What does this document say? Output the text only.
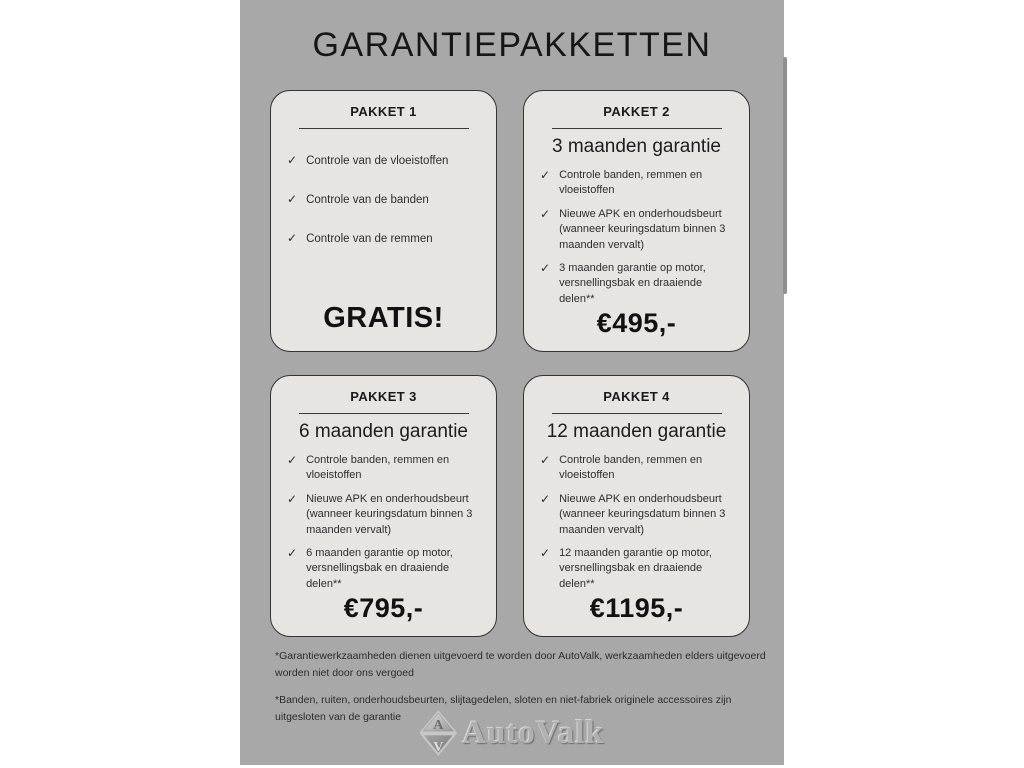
GARANTIEPAKKETTEN
PAKKET 1
✓ Controle van de vloeistoffen
✓ Controle van de banden
✓ Controle van de remmen
GRATIS!
PAKKET 2
3 maanden garantie
✓ Controle banden, remmen en vloeistoffen
✓ Nieuwe APK en onderhoudsbeurt (wanneer keuringsdatum binnen 3 maanden vervalt)
✓ 3 maanden garantie op motor, versnellingsbak en draaiende delen**
€495,-
PAKKET 3
6 maanden garantie
✓ Controle banden, remmen en vloeistoffen
✓ Nieuwe APK en onderhoudsbeurt (wanneer keuringsdatum binnen 3 maanden vervalt)
✓ 6 maanden garantie op motor, versnellingsbak en draaiende delen**
€795,-
PAKKET 4
12 maanden garantie
✓ Controle banden, remmen en vloeistoffen
✓ Nieuwe APK en onderhoudsbeurt (wanneer keuringsdatum binnen 3 maanden vervalt)
✓ 12 maanden garantie op motor, versnellingsbak en draaiende delen**
€1195,-

*Garantiewerkzaamheden dienen uitgevoerd te worden door AutoValk, werkzaamheden elders uitgevoerd worden niet door ons vergoed

*Banden, ruiten, onderhoudsbeurten, slijtagedelen, sloten en niet-fabriek originele accessoires zijn uitgesloten van de garantie

A
V AutoValk
